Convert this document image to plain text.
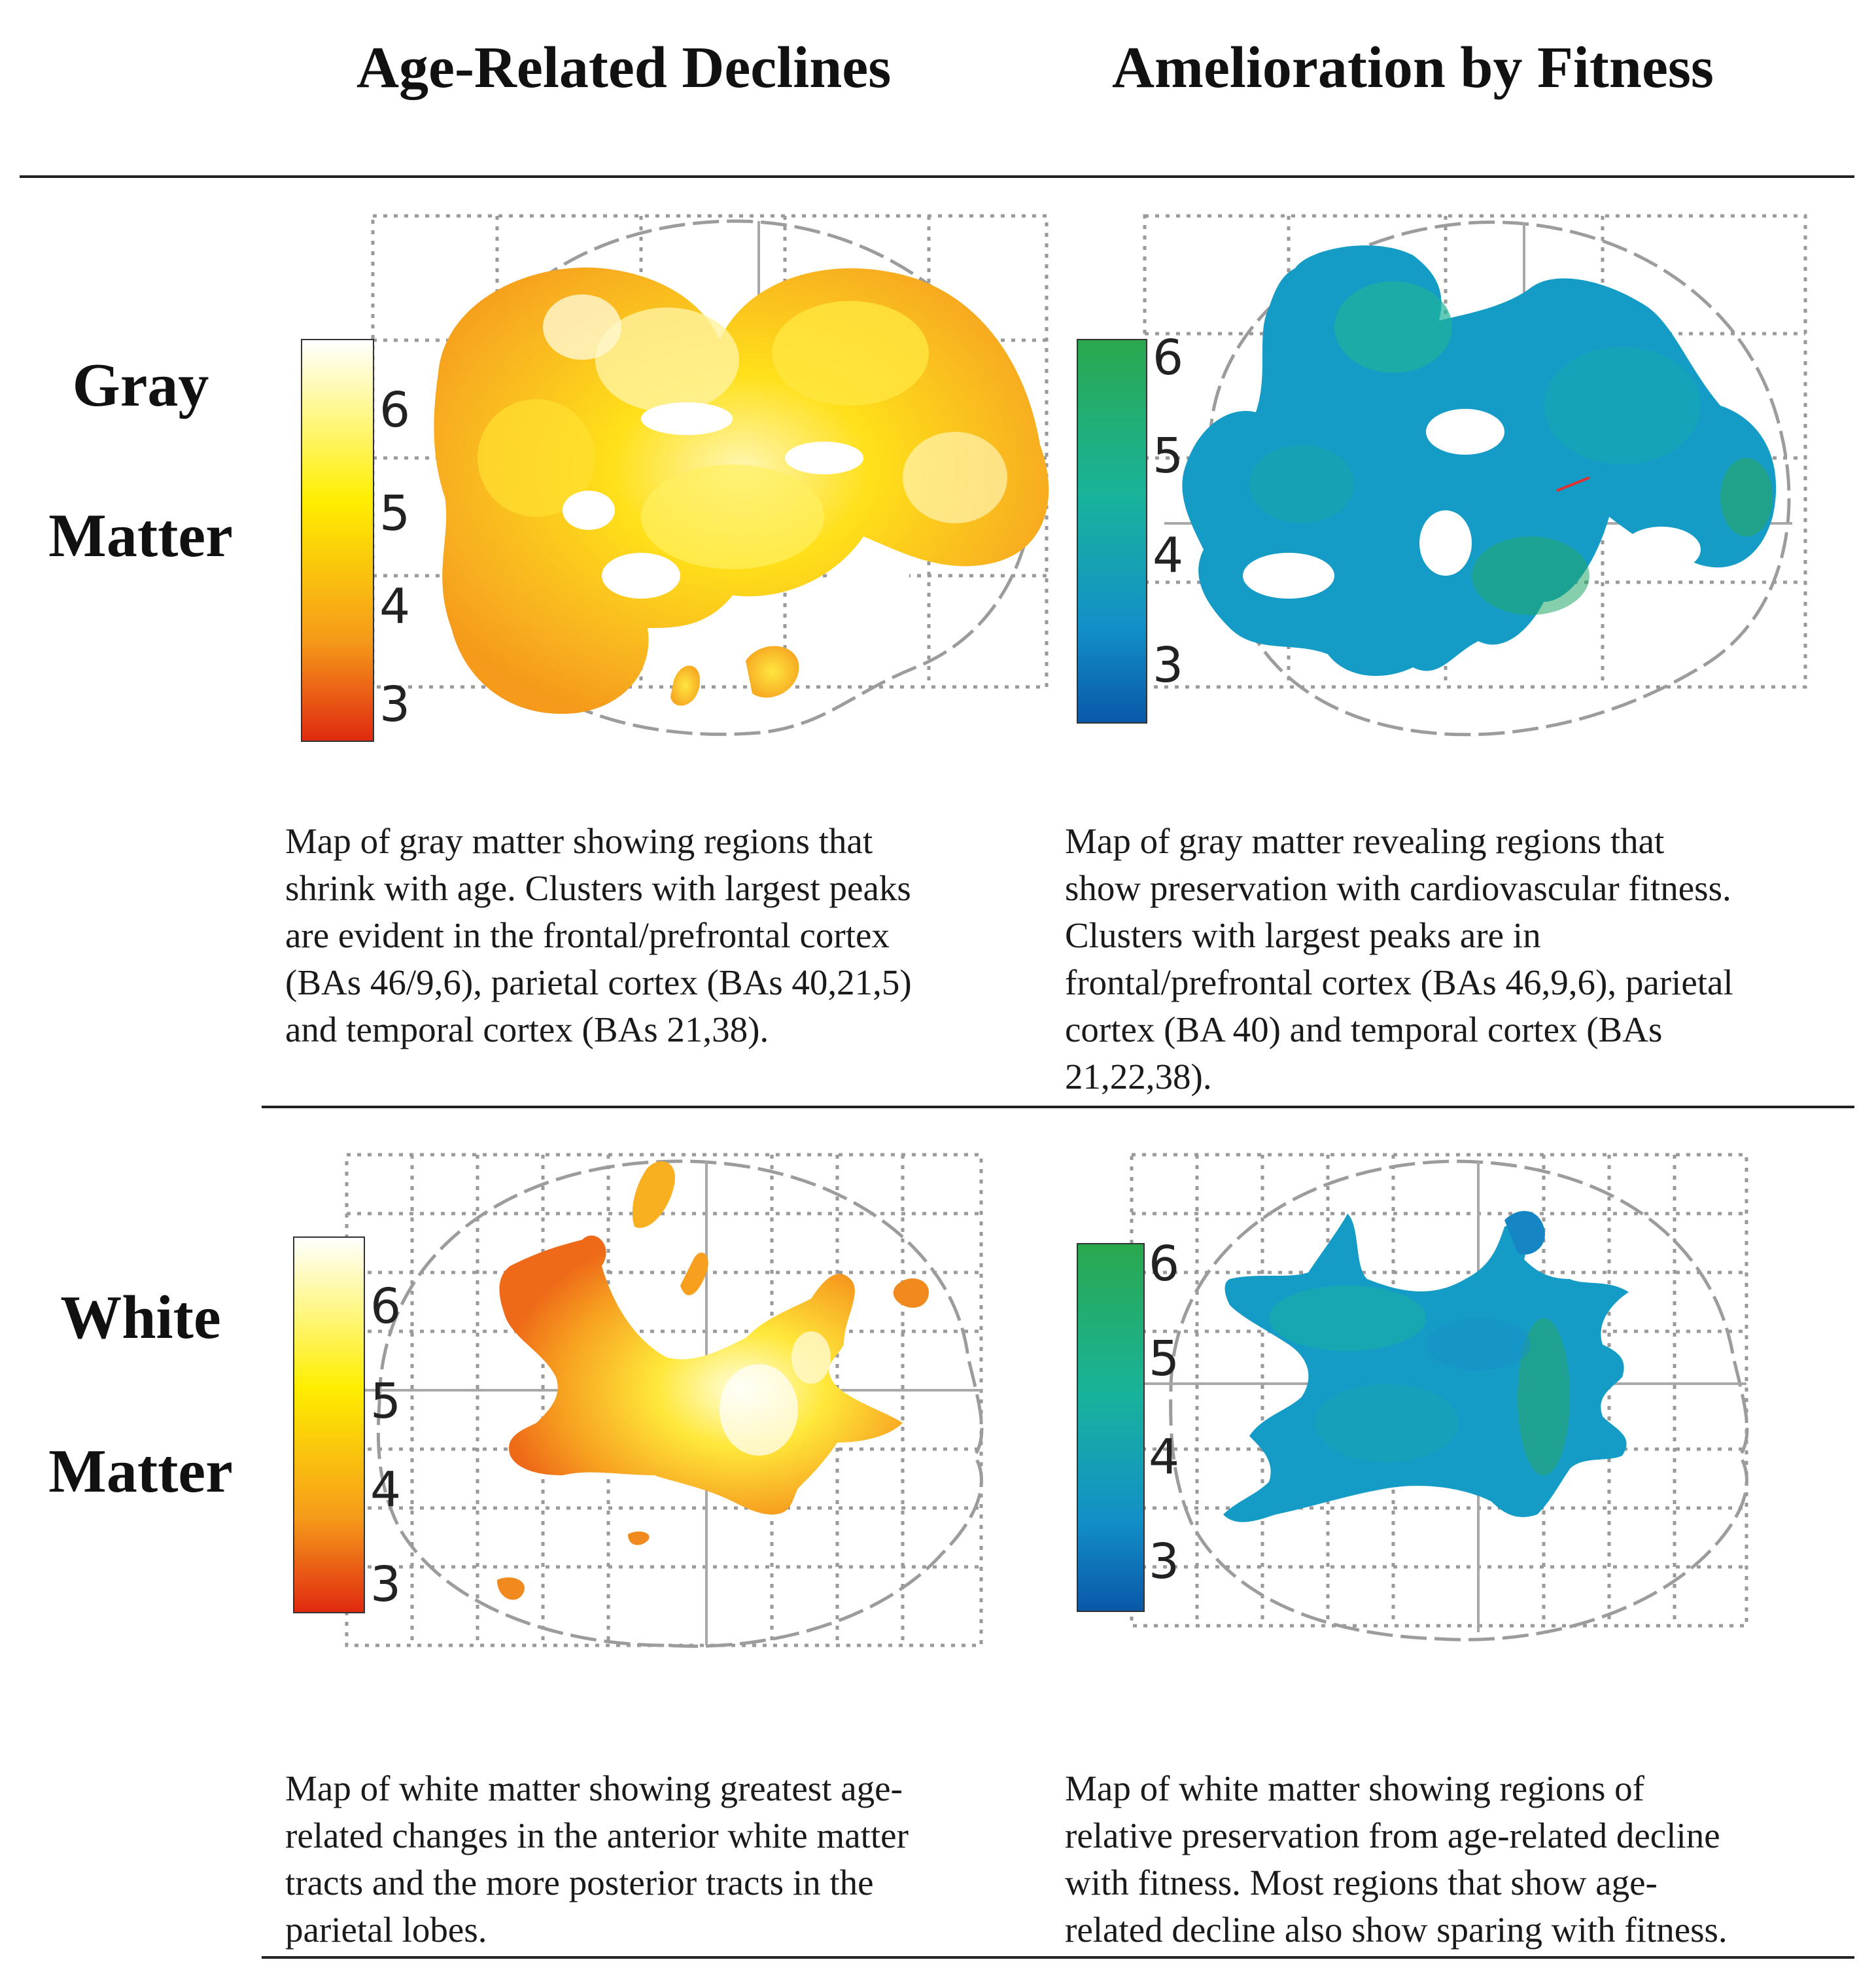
Age-Related Declines	Amelioration by Fitness
Gray
Matter
White
Matter
6
5
4
3
6
5
4
3
Map of gray matter showing regions that
shrink with age. Clusters with largest peaks
are evident in the frontal/prefrontal cortex
(BAs 46/9,6), parietal cortex (BAs 40,21,5)
and temporal cortex (BAs 21,38).
Map of gray matter revealing regions that
show preservation with cardiovascular fitness.
Clusters with largest peaks are in
frontal/prefrontal cortex (BAs 46,9,6), parietal
cortex (BA 40) and temporal cortex (BAs
21,22,38).
6
5
4
3
6
5
4
3
Map of white matter showing greatest age-
related changes in the anterior white matter
tracts and the more posterior tracts in the
parietal lobes.
Map of white matter showing regions of
relative preservation from age-related decline
with fitness. Most regions that show age-
related decline also show sparing with fitness.
